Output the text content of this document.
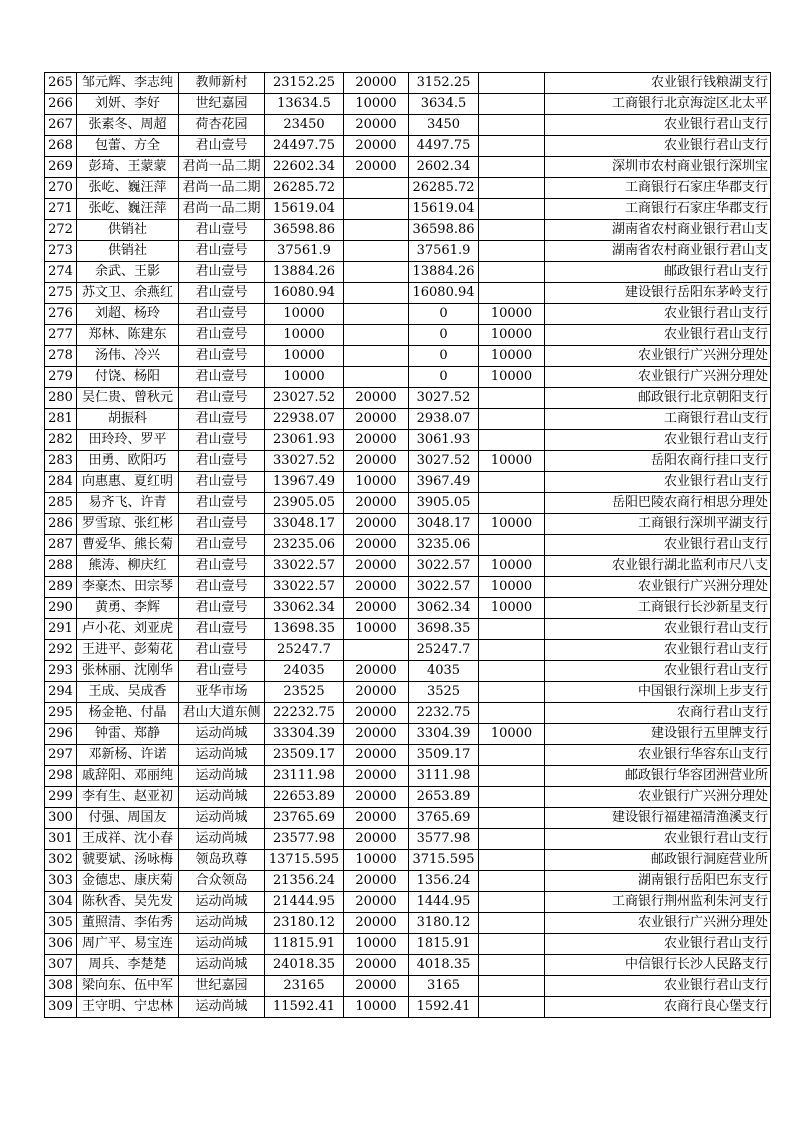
265	邹元辉、李志纯	教师新村	23152.25	20000	3152.25		农业银行钱粮湖支行
266	刘妍、李好	世纪嘉园	13634.5	10000	3634.5		工商银行北京海淀区北太平
267	张素冬、周超	荷杏花园	23450	20000	3450		农业银行君山支行
268	包蕾、方全	君山壹号	24497.75	20000	4497.75		农业银行君山支行
269	彭琦、王蒙蒙	君尚一品二期	22602.34	20000	2602.34		深圳市农村商业银行深圳宝
270	张屹、巍汪萍	君尚一品二期	26285.72		26285.72		工商银行石家庄华郡支行
271	张屹、巍汪萍	君尚一品二期	15619.04		15619.04		工商银行石家庄华郡支行
272	供销社	君山壹号	36598.86		36598.86		湖南省农村商业银行君山支
273	供销社	君山壹号	37561.9		37561.9		湖南省农村商业银行君山支
274	余武、王影	君山壹号	13884.26		13884.26		邮政银行君山支行
275	苏文卫、余燕红	君山壹号	16080.94		16080.94		建设银行岳阳东茅岭支行
276	刘超、杨玲	君山壹号	10000		0	10000	农业银行君山支行
277	郑林、陈建东	君山壹号	10000		0	10000	农业银行君山支行
278	汤伟、冷兴	君山壹号	10000		0	10000	农业银行广兴洲分理处
279	付饶、杨阳	君山壹号	10000		0	10000	农业银行广兴洲分理处
280	吴仁贵、曾秋元	君山壹号	23027.52	20000	3027.52		邮政银行北京朝阳支行
281	胡振科	君山壹号	22938.07	20000	2938.07		工商银行君山支行
282	田玲玲、罗平	君山壹号	23061.93	20000	3061.93		农业银行君山支行
283	田勇、欧阳巧	君山壹号	33027.52	20000	3027.52	10000	岳阳农商行挂口支行
284	向惠惠、夏红明	君山壹号	13967.49	10000	3967.49		农业银行君山支行
285	易齐飞、许青	君山壹号	23905.05	20000	3905.05		岳阳巴陵农商行相思分理处
286	罗雪琼、张红彬	君山壹号	33048.17	20000	3048.17	10000	工商银行深圳平湖支行
287	曹爱华、熊长菊	君山壹号	23235.06	20000	3235.06		农业银行君山支行
288	熊涛、柳庆红	君山壹号	33022.57	20000	3022.57	10000	农业银行湖北监利市尺八支
289	李豪杰、田宗琴	君山壹号	33022.57	20000	3022.57	10000	农业银行广兴洲分理处
290	黄勇、李辉	君山壹号	33062.34	20000	3062.34	10000	工商银行长沙新星支行
291	卢小花、刘亚虎	君山壹号	13698.35	10000	3698.35		农业银行君山支行
292	王进平、彭菊花	君山壹号	25247.7		25247.7		农业银行君山支行
293	张林丽、沈刚华	君山壹号	24035	20000	4035		农业银行君山支行
294	王成、吴成香	亚华市场	23525	20000	3525		中国银行深圳上步支行
295	杨金艳、付晶	君山大道东侧	22232.75	20000	2232.75		农商行君山支行
296	钟雷、郑静	运动尚城	33304.39	20000	3304.39	10000	建设银行五里牌支行
297	邓新杨、许诺	运动尚城	23509.17	20000	3509.17		农业银行华容东山支行
298	戚辞阳、邓丽纯	运动尚城	23111.98	20000	3111.98		邮政银行华容团洲营业所
299	李有生、赵亚初	运动尚城	22653.89	20000	2653.89		农业银行广兴洲分理处
300	付强、周国友	运动尚城	23765.69	20000	3765.69		建设银行福建福清渔溪支行
301	王成祥、沈小春	运动尚城	23577.98	20000	3577.98		农业银行君山支行
302	虢要斌、汤咏梅	领岛玖尊	13715.595	10000	3715.595		邮政银行洞庭营业所
303	金德忠、康庆菊	合众领岛	21356.24	20000	1356.24		湖南银行岳阳巴东支行
304	陈秋香、吴先发	运动尚城	21444.95	20000	1444.95		工商银行荆州监利朱河支行
305	董照清、李佑秀	运动尚城	23180.12	20000	3180.12		农业银行广兴洲分理处
306	周广平、易宝连	运动尚城	11815.91	10000	1815.91		农业银行君山支行
307	周兵、李楚楚	运动尚城	24018.35	20000	4018.35		中信银行长沙人民路支行
308	梁向东、伍中军	世纪嘉园	23165	20000	3165		农业银行君山支行
309	王守明、宁忠林	运动尚城	11592.41	10000	1592.41		农商行良心堡支行
